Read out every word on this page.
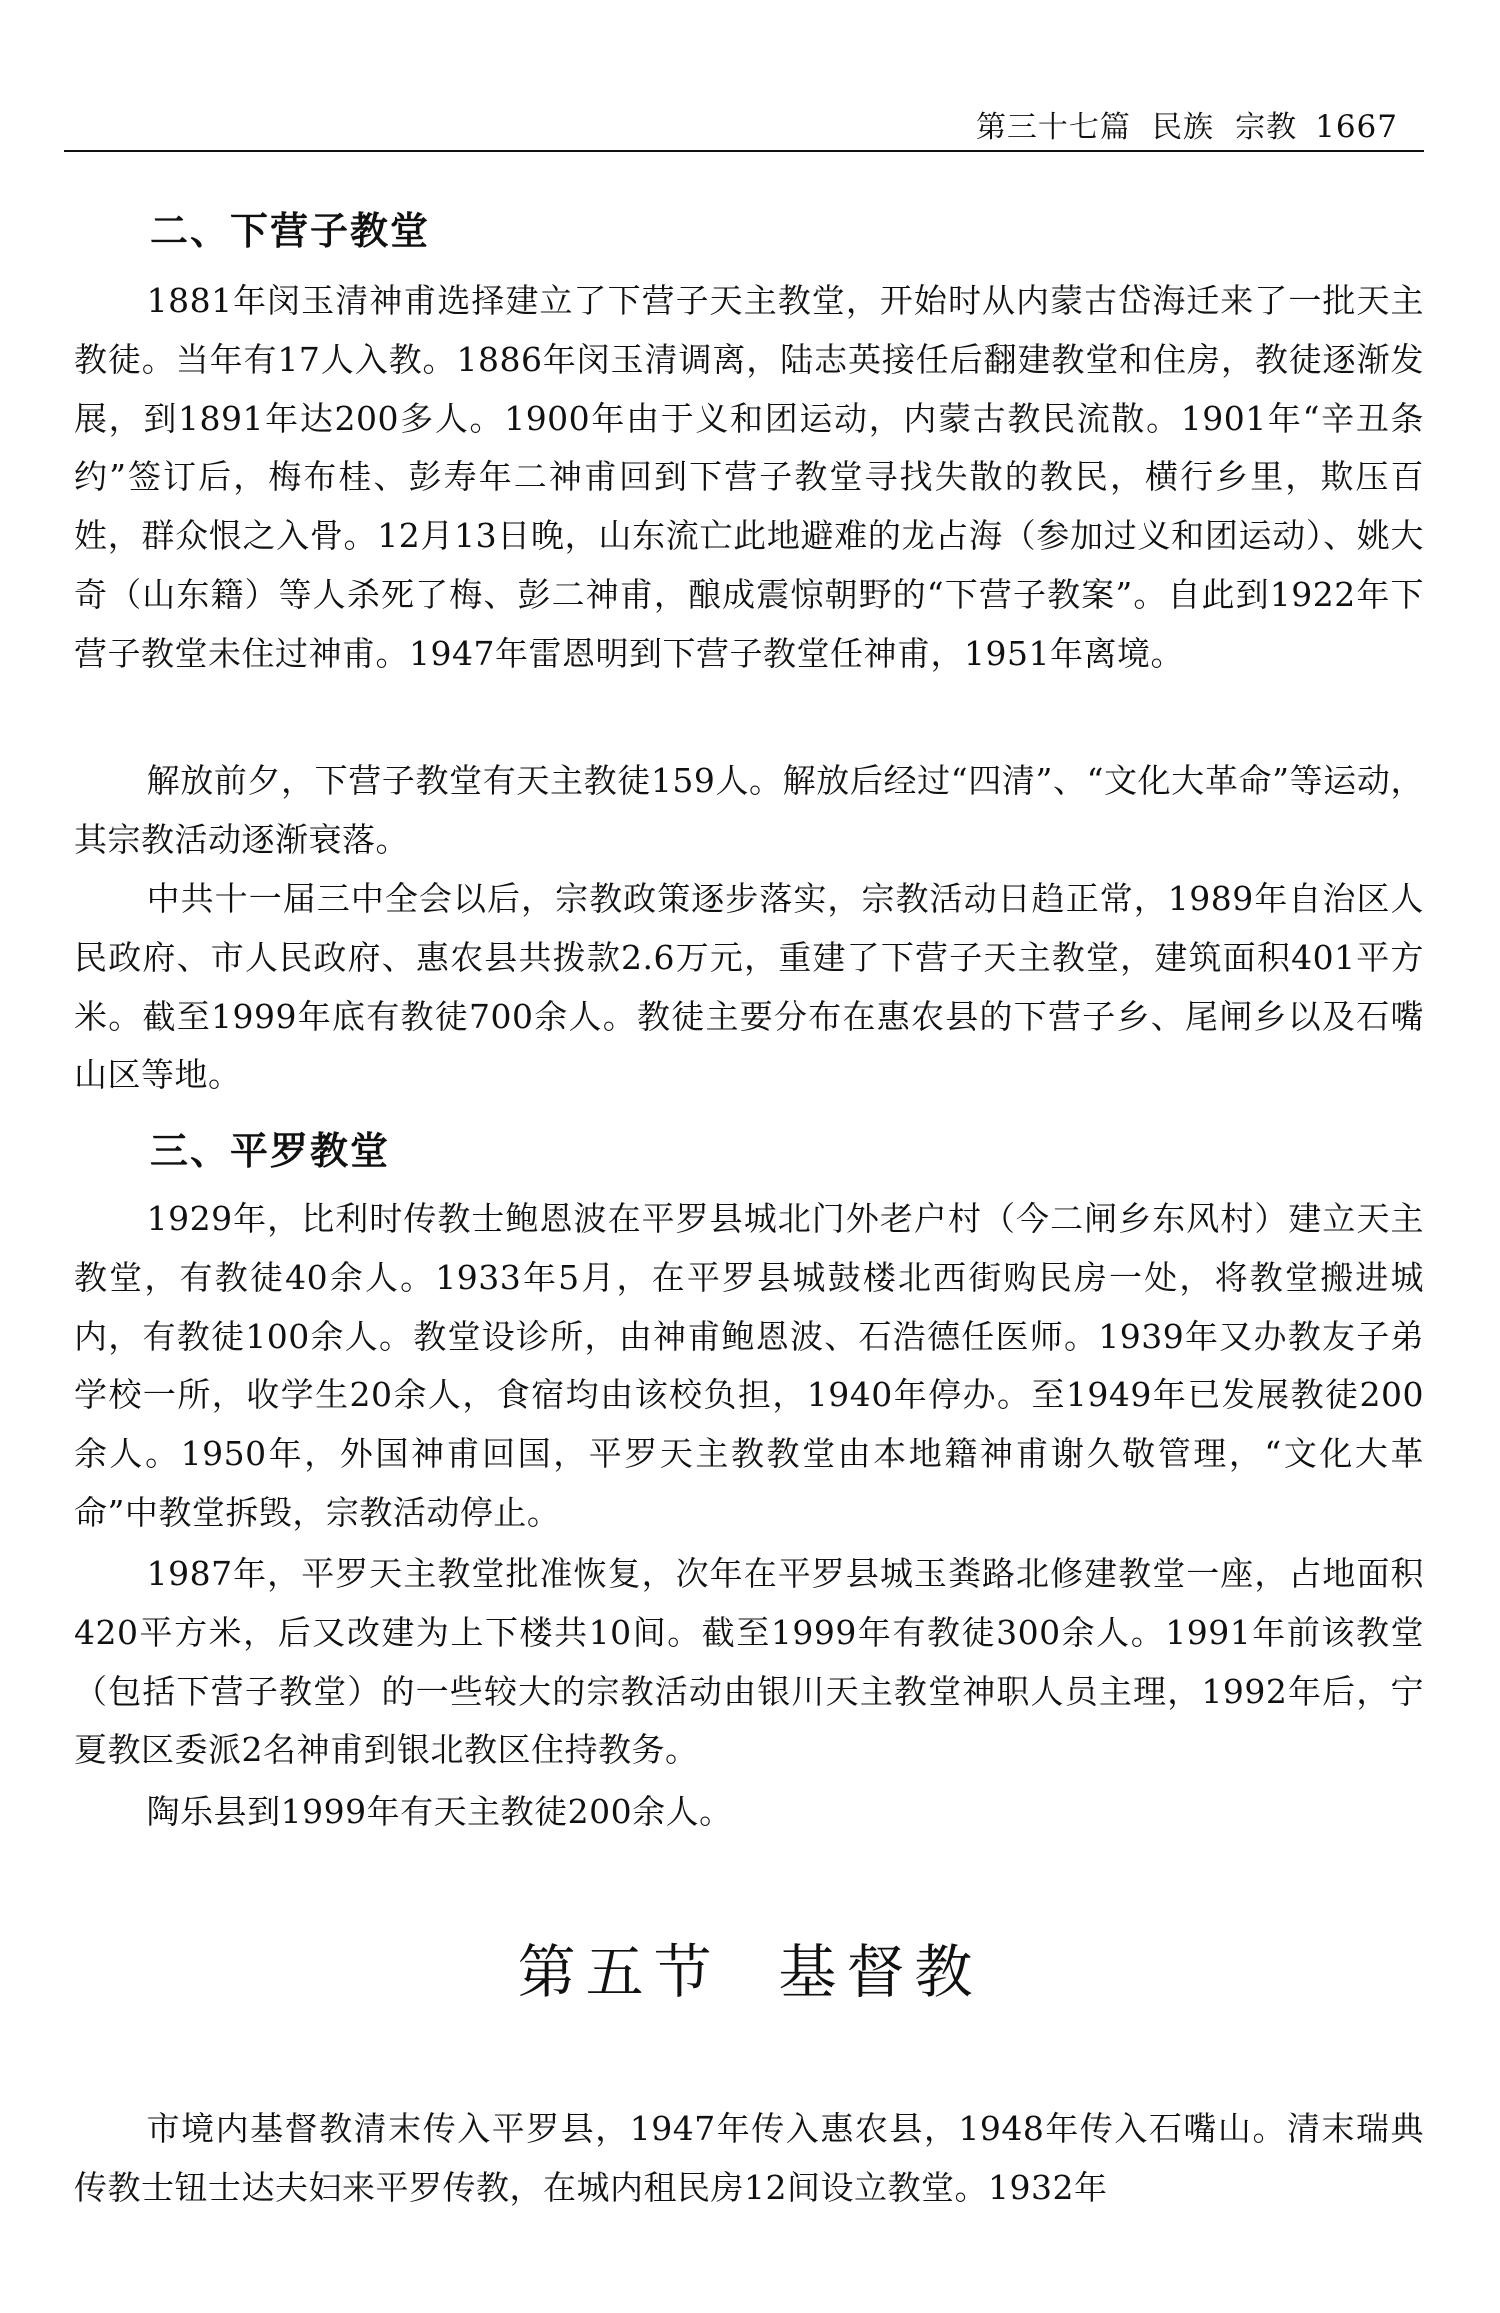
第三十七篇  民族  宗教 1667
二、下营子教堂

1881年闵玉清神甫选择建立了下营子天主教堂，开始时从内蒙古岱海迁来了一批天主教徒。当年有17人入教。1886年闵玉清调离，陆志英接任后翻建教堂和住房，教徒逐渐发展，到1891年达200多人。1900年由于义和团运动，内蒙古教民流散。1901年“辛丑条约”签订后，梅布桂、彭寿年二神甫回到下营子教堂寻找失散的教民，横行乡里，欺压百姓，群众恨之入骨。12月13日晚，山东流亡此地避难的龙占海（参加过义和团运动）、姚大奇（山东籍）等人杀死了梅、彭二神甫，酿成震惊朝野的“下营子教案”。自此到1922年下营子教堂未住过神甫。1947年雷恩明到下营子教堂任神甫，1951年离境。

解放前夕，下营子教堂有天主教徒159人。解放后经过“四清”、“文化大革命”等运动，其宗教活动逐渐衰落。

中共十一届三中全会以后，宗教政策逐步落实，宗教活动日趋正常，1989年自治区人民政府、市人民政府、惠农县共拨款2.6万元，重建了下营子天主教堂，建筑面积401平方米。截至1999年底有教徒700余人。教徒主要分布在惠农县的下营子乡、尾闸乡以及石嘴山区等地。

三、平罗教堂

1929年，比利时传教士鲍恩波在平罗县城北门外老户村（今二闸乡东风村）建立天主教堂，有教徒40余人。1933年5月，在平罗县城鼓楼北西街购民房一处，将教堂搬进城内，有教徒100余人。教堂设诊所，由神甫鲍恩波、石浩德任医师。1939年又办教友子弟学校一所，收学生20余人，食宿均由该校负担，1940年停办。至1949年已发展教徒200余人。1950年，外国神甫回国，平罗天主教教堂由本地籍神甫谢久敬管理，“文化大革命”中教堂拆毁，宗教活动停止。

1987年，平罗天主教堂批准恢复，次年在平罗县城玉粪路北修建教堂一座，占地面积420平方米，后又改建为上下楼共10间。截至1999年有教徒300余人。1991年前该教堂（包括下营子教堂）的一些较大的宗教活动由银川天主教堂神职人员主理，1992年后，宁夏教区委派2名神甫到银北教区住持教务。

陶乐县到1999年有天主教徒200余人。

第五节  基督教

市境内基督教清末传入平罗县，1947年传入惠农县，1948年传入石嘴山。清末瑞典传教士钮士达夫妇来平罗传教，在城内租民房12间设立教堂。1932年
